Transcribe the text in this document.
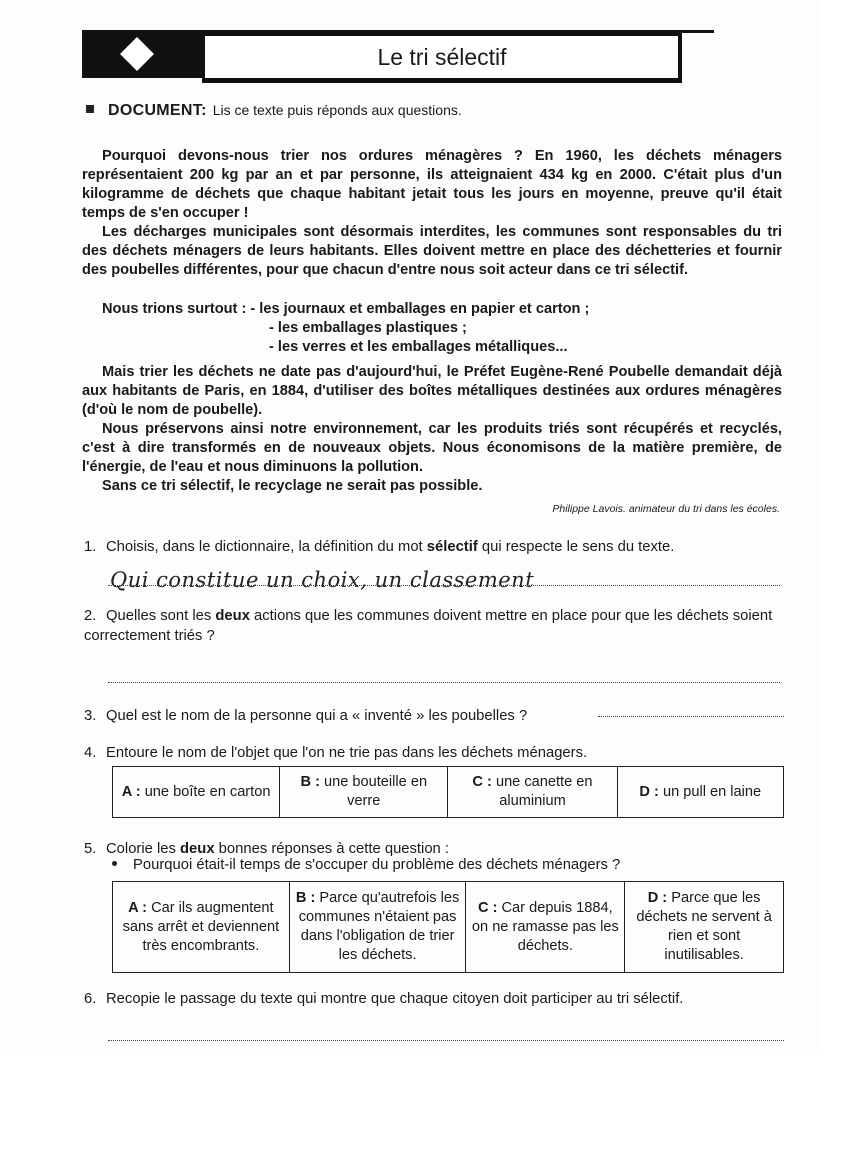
Le tri sélectif
DOCUMENT: Lis ce texte puis réponds aux questions.

Pourquoi devons-nous trier nos ordures ménagères ? En 1960, les déchets ménagers représentaient 200 kg par an et par personne, ils atteignaient 434 kg en 2000. C'était plus d'un kilogramme de déchets que chaque habitant jetait tous les jours en moyenne, preuve qu'il était temps de s'en occuper !

Les décharges municipales sont désormais interdites, les communes sont responsables du tri des déchets ménagers de leurs habitants. Elles doivent mettre en place des déchetteries et fournir des poubelles différentes, pour que chacun d'entre nous soit acteur dans ce tri sélectif.

Nous trions surtout : - les journaux et emballages en papier et carton ;
- les emballages plastiques ;
- les verres et les emballages métalliques...

Mais trier les déchets ne date pas d'aujourd'hui, le Préfet Eugène-René Poubelle demandait déjà aux habitants de Paris, en 1884, d'utiliser des boîtes métalliques destinées aux ordures ménagères (d'où le nom de poubelle).

Nous préservons ainsi notre environnement, car les produits triés sont récupérés et recyclés, c'est à dire transformés en de nouveaux objets. Nous économisons de la matière première, de l'énergie, de l'eau et nous diminuons la pollution.

Sans ce tri sélectif, le recyclage ne serait pas possible.

Philippe Lavois. animateur du tri dans les écoles.
1. Choisis, dans le dictionnaire, la définition du mot sélectif qui respecte le sens du texte.
Qui constitue un choix, un classement
2. Quelles sont les deux actions que les communes doivent mettre en place pour que les déchets soient correctement triés ?
3. Quel est le nom de la personne qui a « inventé » les poubelles ?
4. Entoure le nom de l'objet que l'on ne trie pas dans les déchets ménagers.
A : une boîte en carton	B : une bouteille en verre	C : une canette en aluminium	D : un pull en laine
5. Colorie les deux bonnes réponses à cette question :
Pourquoi était-il temps de s'occuper du problème des déchets ménagers ?
A : Car ils augmentent sans arrêt et deviennent très encombrants.	B : Parce qu'autrefois les communes n'étaient pas dans l'obligation de trier les déchets.	C : Car depuis 1884, on ne ramasse pas les déchets.	D : Parce que les déchets ne servent à rien et sont inutilisables.
6. Recopie le passage du texte qui montre que chaque citoyen doit participer au tri sélectif.
